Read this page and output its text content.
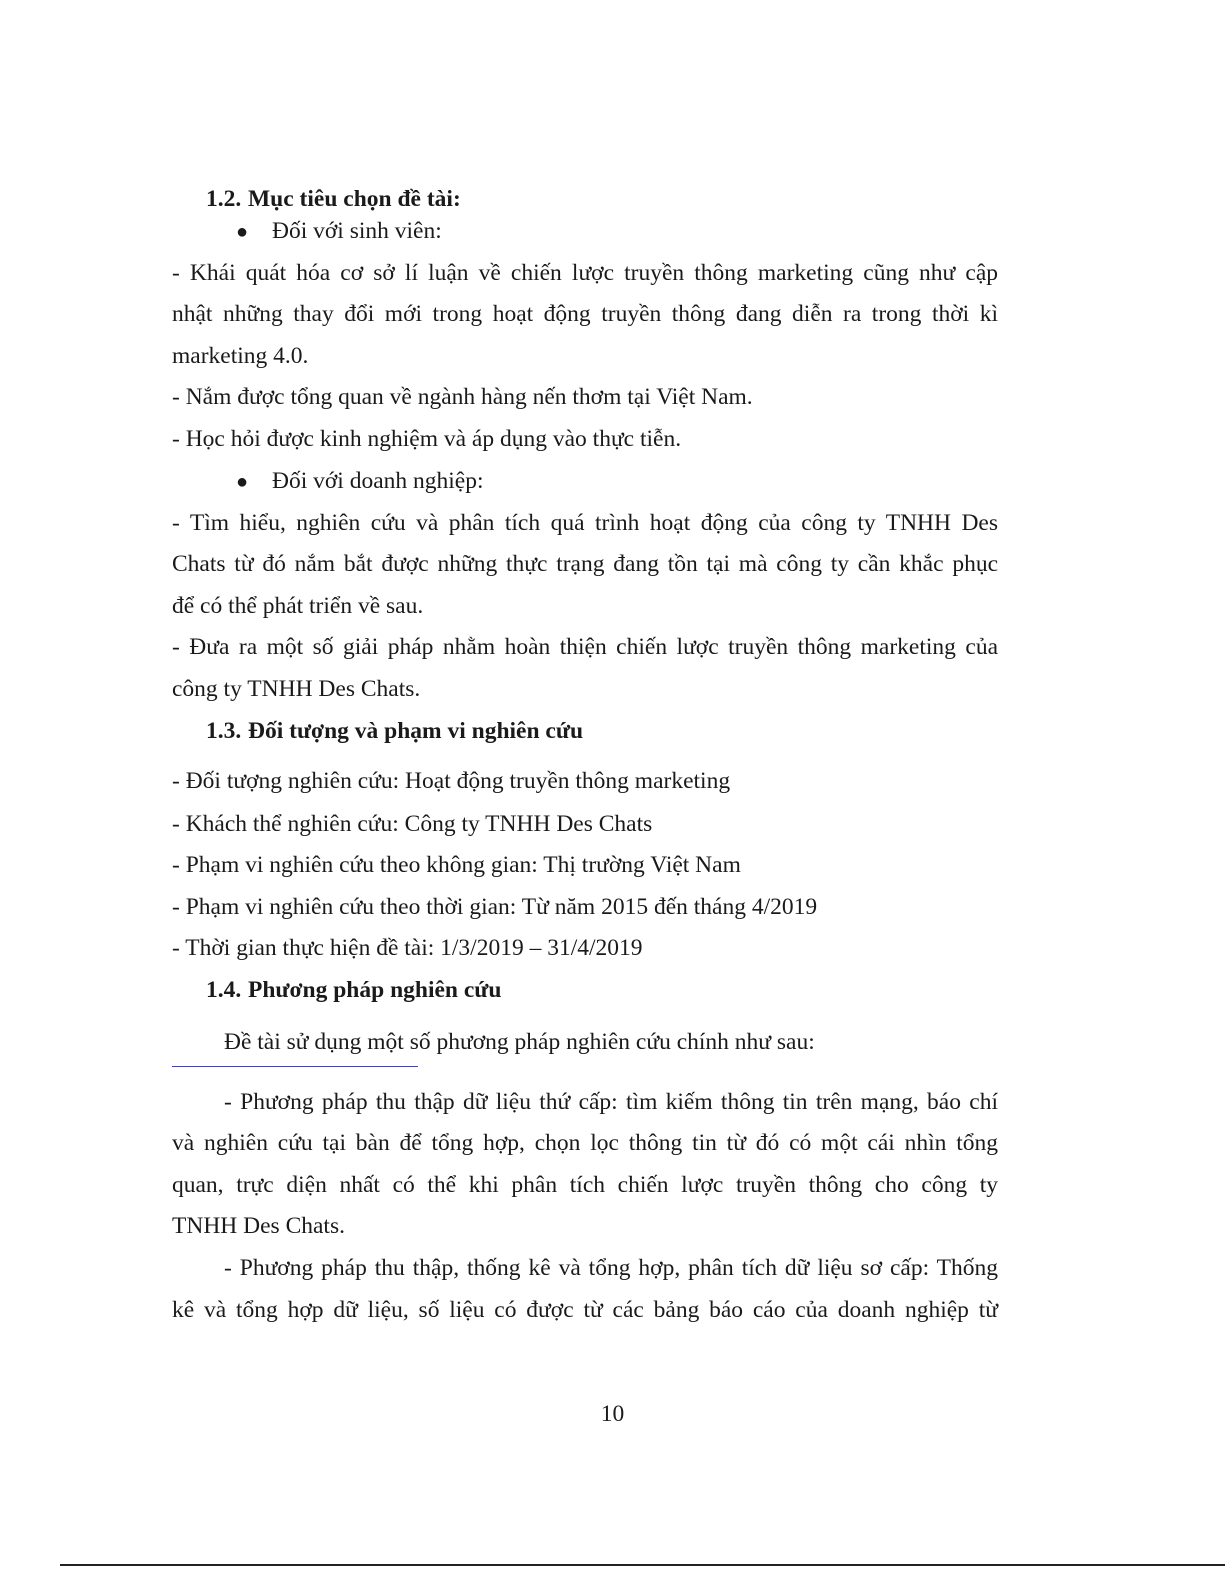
1.2. Mục tiêu chọn đề tài:
● Đối với sinh viên:
- Khái quát hóa cơ sở lí luận về chiến lược truyền thông marketing cũng như cập
nhật những thay đổi mới trong hoạt động truyền thông đang diễn ra trong thời kì
marketing 4.0.
- Nắm được tổng quan về ngành hàng nến thơm tại Việt Nam.
- Học hỏi được kinh nghiệm và áp dụng vào thực tiễn.
● Đối với doanh nghiệp:
- Tìm hiểu, nghiên cứu và phân tích quá trình hoạt động của công ty TNHH Des
Chats từ đó nắm bắt được những thực trạng đang tồn tại mà công ty cần khắc phục
để có thể phát triển về sau.
- Đưa ra một số giải pháp nhằm hoàn thiện chiến lược truyền thông marketing của
công ty TNHH Des Chats.
1.3. Đối tượng và phạm vi nghiên cứu
- Đối tượng nghiên cứu: Hoạt động truyền thông marketing
- Khách thể nghiên cứu: Công ty TNHH Des Chats
- Phạm vi nghiên cứu theo không gian: Thị trường Việt Nam
- Phạm vi nghiên cứu theo thời gian: Từ năm 2015 đến tháng 4/2019
- Thời gian thực hiện đề tài: 1/3/2019 – 31/4/2019
1.4. Phương pháp nghiên cứu
Đề tài sử dụng một số phương pháp nghiên cứu chính như sau:
- Phương pháp thu thập dữ liệu thứ cấp: tìm kiếm thông tin trên mạng, báo chí
và nghiên cứu tại bàn để tổng hợp, chọn lọc thông tin từ đó có một cái nhìn tổng
quan, trực diện nhất có thể khi phân tích chiến lược truyền thông cho công ty
TNHH Des Chats.
- Phương pháp thu thập, thống kê và tổng hợp, phân tích dữ liệu sơ cấp: Thống
kê và tổng hợp dữ liệu, số liệu có được từ các bảng báo cáo của doanh nghiệp từ
10
